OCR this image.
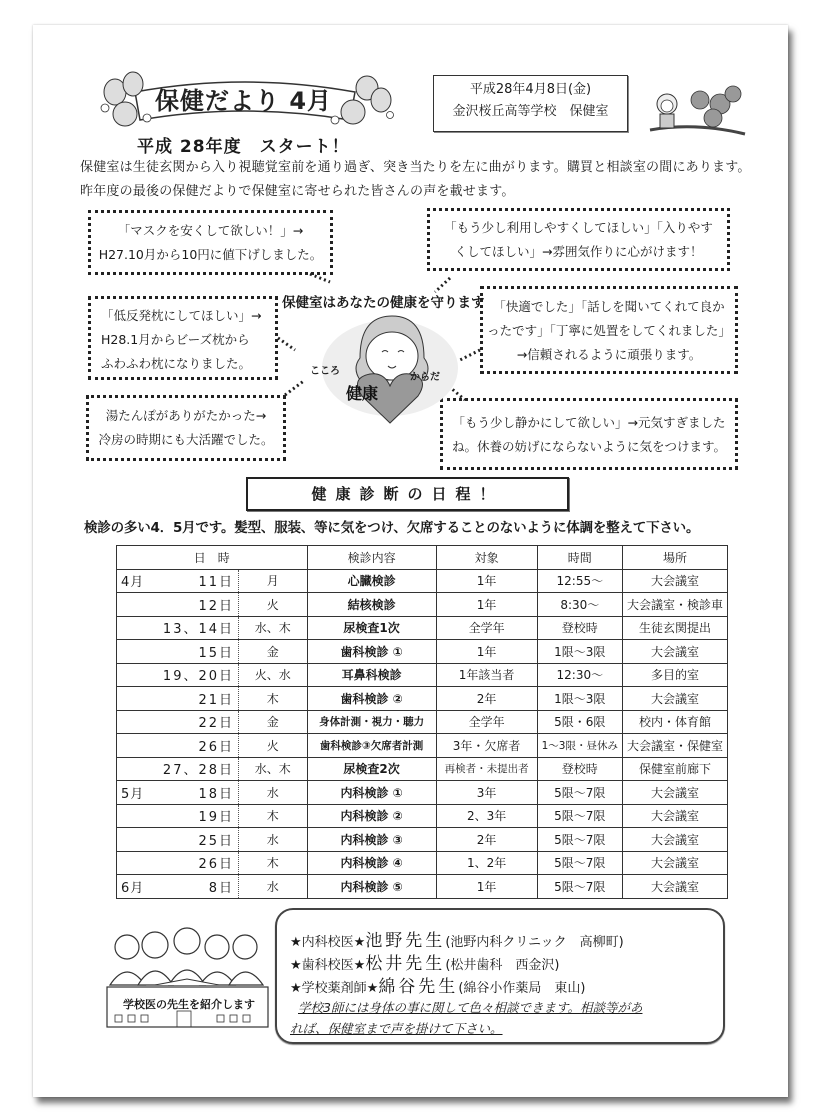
保健だより 4月	平成28年4月8日(金)
金沢桜丘高等学校　保健室
平成 28年度　スタート！
保健室は生徒玄関から入り視聴覚室前を通り過ぎ、突き当たりを左に曲がります。購買と相談室の間にあります。
昨年度の最後の保健だよりで保健室に寄せられた皆さんの声を載せます。
「マスクを安くして欲しい！」→
H27.10月から10円に値下げしました。
「もう少し利用しやすくしてほしい」「入りやす
くしてほしい」→雰囲気作りに心がけます！
「低反発枕にしてほしい」→
H28.1月からビーズ枕から
ふわふわ枕になりました。
「快適でした」「話しを聞いてくれて良か
ったです」「丁寧に処置をしてくれました」
→信頼されるように頑張ります。
湯たんぽがありがたかった→
冷房の時期にも大活躍でした。
「もう少し静かにして欲しい」→元気すぎました
ね。休養の妨げにならないように気をつけます。
保健室はあなたの健康を守ります
健康
こころ
からだ
健康診断の日程！
検診の多い4．5月です。髪型、服装、等に気をつけ、欠席することのないように体調を整えて下さい。
日　時		検診内容	対象	時間	場所

4月 11日	月	心臓検診	1年	12:55～	大会議室

12日	火	結核検診	1年	8:30～	大会議室・検診車

13、14日	水、木	尿検査1次	全学年	登校時	生徒玄関提出

15日	金	歯科検診 ①	1年	1限～3限	大会議室

19、20日	火、水	耳鼻科検診	1年該当者	12:30～	多目的室

21日	木	歯科検診 ②	2年	1限～3限	大会議室

22日	金	身体計測・視力・聴力	全学年	5限・6限	校内・体育館

26日	火	歯科検診③欠席者計測	3年・欠席者	1～3限・昼休み	大会議室・保健室

27、28日	水、木	尿検査2次	再検者・未提出者	登校時	保健室前廊下

5月 18日	水	内科検診 ①	3年	5限～7限	大会議室

19日	木	内科検診 ②	2、3年	5限～7限	大会議室

25日	水	内科検診 ③	2年	5限～7限	大会議室

26日	木	内科検診 ④	1、2年	5限～7限	大会議室

6月 8日	水	内科検診 ⑤	1年	5限～7限	大会議室
学校医の先生を紹介します
★内科校医★池野先生(池野内科クリニック　高柳町)
★歯科校医★松井先生(松井歯科　西金沢)
★学校薬剤師★綿谷先生(綿谷小作薬局　東山)
学校3師には身体の事に関して色々相談できます。相談等があ
れば、保健室まで声を掛けて下さい。
